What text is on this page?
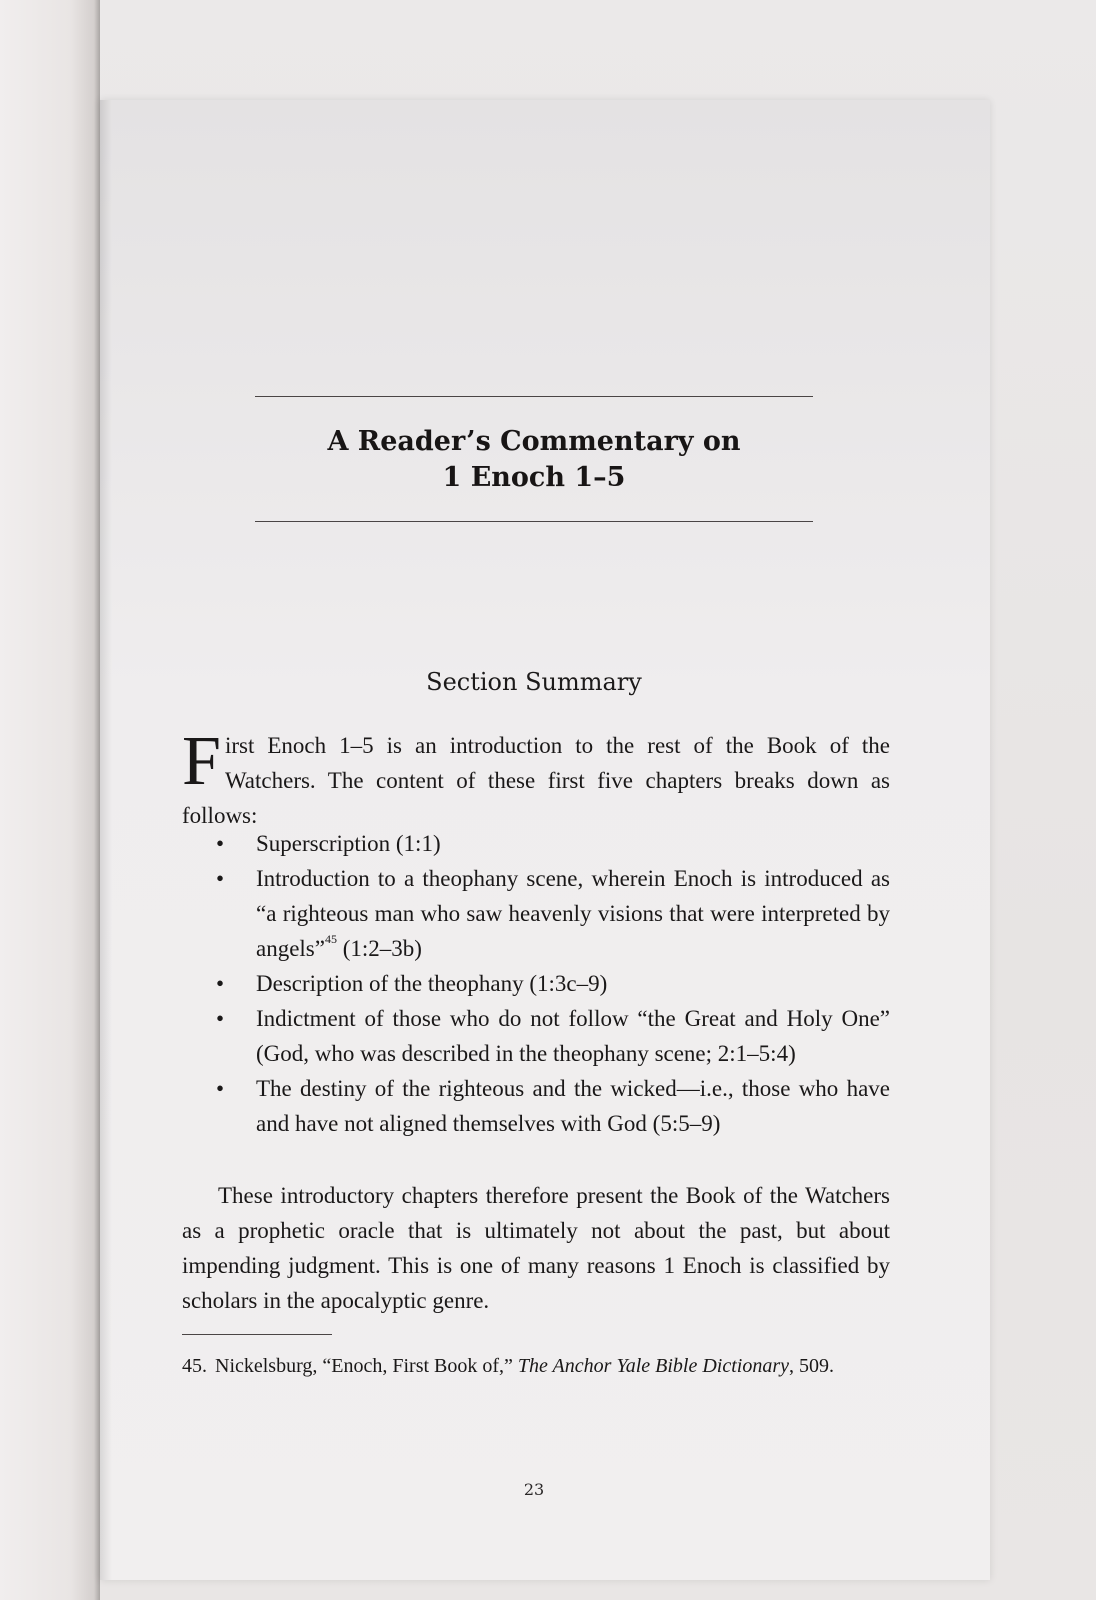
A Reader’s Commentary on
1 Enoch 1–5
Section Summary
First Enoch 1–5 is an introduction to the rest of the Book of the Watchers. The content of these first five chapters breaks down as follows:
• Superscription (1:1)
• Introduction to a theophany scene, wherein Enoch is introduced as “a righteous man who saw heavenly visions that were interpreted by angels”$^{45}$ (1:2–3b)
• Description of the theophany (1:3c–9)
• Indictment of those who do not follow “the Great and Holy One” (God, who was described in the theophany scene; 2:1–5:4)
• The destiny of the righteous and the wicked—i.e., those who have and have not aligned themselves with God (5:5–9)
These introductory chapters therefore present the Book of the Watchers as a prophetic oracle that is ultimately not about the past, but about impending judgment. This is one of many reasons 1 Enoch is classified by scholars in the apocalyptic genre.
45. Nickelsburg, “Enoch, First Book of,” The Anchor Yale Bible Dictionary, 509.
23
